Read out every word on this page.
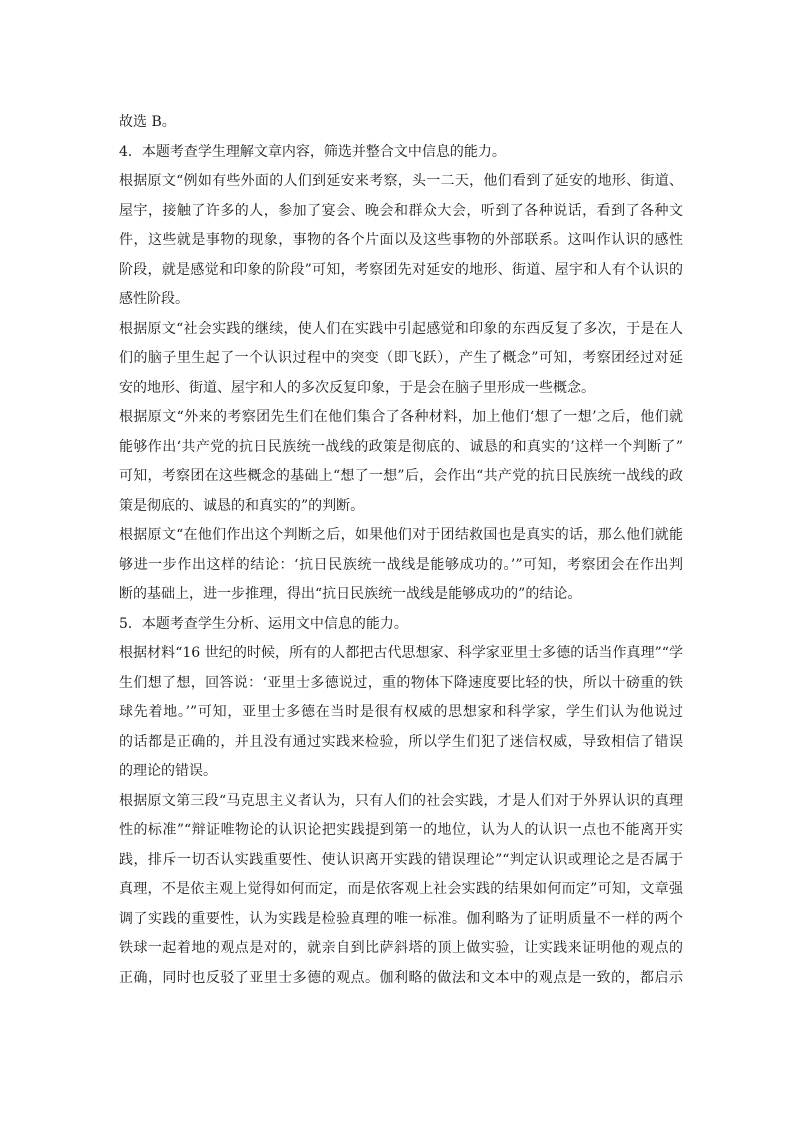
故选 B。
4．本题考查学生理解文章内容，筛选并整合文中信息的能力。
根据原文“例如有些外面的人们到延安来考察，头一二天，他们看到了延安的地形、街道、
屋宇，接触了许多的人，参加了宴会、晚会和群众大会，听到了各种说话，看到了各种文
件，这些就是事物的现象，事物的各个片面以及这些事物的外部联系。这叫作认识的感性
阶段，就是感觉和印象的阶段”可知，考察团先对延安的地形、街道、屋宇和人有个认识的
感性阶段。
根据原文“社会实践的继续，使人们在实践中引起感觉和印象的东西反复了多次，于是在人
们的脑子里生起了一个认识过程中的突变（即飞跃），产生了概念”可知，考察团经过对延
安的地形、街道、屋宇和人的多次反复印象，于是会在脑子里形成一些概念。
根据原文“外来的考察团先生们在他们集合了各种材料，加上他们‘想了一想’之后，他们就
能够作出‘共产党的抗日民族统一战线的政策是彻底的、诚恳的和真实的’这样一个判断了”
可知，考察团在这些概念的基础上“想了一想”后，会作出“共产党的抗日民族统一战线的政
策是彻底的、诚恳的和真实的”的判断。
根据原文“在他们作出这个判断之后，如果他们对于团结救国也是真实的话，那么他们就能
够进一步作出这样的结论：‘抗日民族统一战线是能够成功的。’”可知，考察团会在作出判
断的基础上，进一步推理，得出“抗日民族统一战线是能够成功的”的结论。
5．本题考查学生分析、运用文中信息的能力。
根据材料“16 世纪的时候，所有的人都把古代思想家、科学家亚里士多德的话当作真理”“学
生们想了想，回答说：‘亚里士多德说过，重的物体下降速度要比轻的快，所以十磅重的铁
球先着地。’”可知，亚里士多德在当时是很有权威的思想家和科学家，学生们认为他说过
的话都是正确的，并且没有通过实践来检验，所以学生们犯了迷信权威，导致相信了错误
的理论的错误。
根据原文第三段“马克思主义者认为，只有人们的社会实践，才是人们对于外界认识的真理
性的标准”“辩证唯物论的认识论把实践提到第一的地位，认为人的认识一点也不能离开实
践，排斥一切否认实践重要性、使认识离开实践的错误理论”“判定认识或理论之是否属于
真理，不是依主观上觉得如何而定，而是依客观上社会实践的结果如何而定”可知，文章强
调了实践的重要性，认为实践是检验真理的唯一标准。伽利略为了证明质量不一样的两个
铁球一起着地的观点是对的，就亲自到比萨斜塔的顶上做实验，让实践来证明他的观点的
正确，同时也反驳了亚里士多德的观点。伽利略的做法和文本中的观点是一致的，都启示
